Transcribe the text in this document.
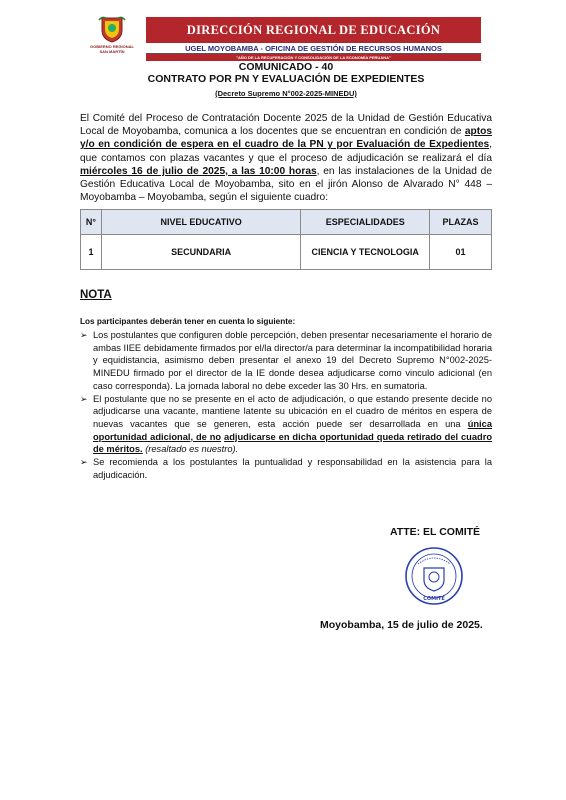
GOBIERNO REGIONAL SAN MARTÍN
DIRECCIÓN REGIONAL DE EDUCACIÓN
UGEL MOYOBAMBA - OFICINA DE GESTIÓN DE RECURSOS HUMANOS
"AÑO DE LA RECUPERACIÓN Y CONSOLIDACIÓN DE LA ECONOMÍA PERUANA"
COMUNICADO - 40
CONTRATO POR PN Y EVALUACIÓN DE EXPEDIENTES
(Decreto Supremo N°002-2025-MINEDU)

El Comité del Proceso de Contratación Docente 2025 de la Unidad de Gestión Educativa Local de Moyobamba, comunica a los docentes que se encuentran en condición de aptos y/o en condición de espera en el cuadro de la PN y por Evaluación de Expedientes, que contamos con plazas vacantes y que el proceso de adjudicación se realizará el día miércoles 16 de julio de 2025, a las 10:00 horas, en las instalaciones de la Unidad de Gestión Educativa Local de Moyobamba, sito en el jirón Alonso de Alvarado N° 448 – Moyobamba – Moyobamba, según el siguiente cuadro:

N°	NIVEL EDUCATIVO	ESPECIALIDADES	PLAZAS
1	SECUNDARIA	CIENCIA Y TECNOLOGIA	01
NOTA
Los participantes deberán tener en cuenta lo siguiente:
➢ Los postulantes que configuren doble percepción, deben presentar necesariamente el horario de ambas IIEE debidamente firmados por el/la director/a para determinar la incompatibilidad horaria y equidistancia, asimismo deben presentar el anexo 19 del Decreto Supremo N°002-2025-MINEDU firmado por el director de la IE donde desea adjudicarse como vinculo adicional (en caso corresponda). La jornada laboral no debe exceder las 30 Hrs. en sumatoria.
➢ El postulante que no se presente en el acto de adjudicación, o que estando presente decide no adjudicarse una vacante, mantiene latente su ubicación en el cuadro de méritos en espera de nuevas vacantes que se generen, esta acción puede ser desarrollada en una única oportunidad adicional, de no adjudicarse en dicha oportunidad queda retirado del cuadro de méritos. (resaltado es nuestro).
➢ Se recomienda a los postulantes la puntualidad y responsabilidad en la asistencia para la adjudicación.
ATTE: EL COMITÉ
COMITÉ
Moyobamba, 15 de julio de 2025.
